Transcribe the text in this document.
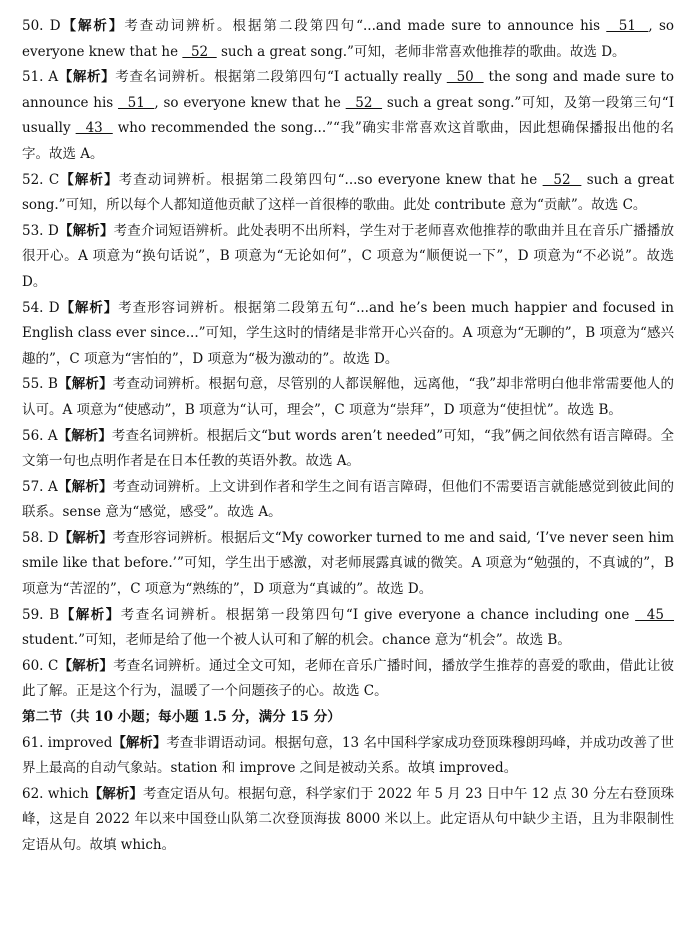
50. D【解析】考查动词辨析。根据第二段第四句“...and made sure to announce his   51  , so everyone knew that he   52   such a great song.”可知，老师非常喜欢他推荐的歌曲。故选 D。

51. A【解析】考查名词辨析。根据第二段第四句“I actually really   50   the song and made sure to announce his   51  , so everyone knew that he   52   such a great song.”可知，及第一段第三句“I usually   43   who recommended the song...”“我”确实非常喜欢这首歌曲，因此想确保播报出他的名字。故选 A。

52. C【解析】考查动词辨析。根据第二段第四句“...so everyone knew that he   52   such a great song.”可知，所以每个人都知道他贡献了这样一首很棒的歌曲。此处 contribute 意为“贡献”。故选 C。

53. D【解析】考查介词短语辨析。此处表明不出所料，学生对于老师喜欢他推荐的歌曲并且在音乐广播播放很开心。A 项意为“换句话说”，B 项意为“无论如何”，C 项意为“顺便说一下”，D 项意为“不必说”。故选 D。

54. D【解析】考查形容词辨析。根据第二段第五句“...and he’s been much happier and focused in English class ever since...”可知，学生这时的情绪是非常开心兴奋的。A 项意为“无聊的”，B 项意为“感兴趣的”，C 项意为“害怕的”，D 项意为“极为激动的”。故选 D。

55. B【解析】考查动词辨析。根据句意，尽管别的人都误解他，远离他，“我”却非常明白他非常需要他人的认可。A 项意为“使感动”，B 项意为“认可，理会”，C 项意为“崇拜”，D 项意为“使担忧”。故选 B。

56. A【解析】考查名词辨析。根据后文“but words aren’t needed”可知，“我”俩之间依然有语言障碍。全文第一句也点明作者是在日本任教的英语外教。故选 A。

57. A【解析】考查动词辨析。上文讲到作者和学生之间有语言障碍，但他们不需要语言就能感觉到彼此间的联系。sense 意为“感觉，感受”。故选 A。

58. D【解析】考查形容词辨析。根据后文“My coworker turned to me and said, ‘I’ve never seen him smile like that before.’”可知，学生出于感激，对老师展露真诚的微笑。A 项意为“勉强的，不真诚的”，B 项意为“苦涩的”，C 项意为“熟练的”，D 项意为“真诚的”。故选 D。

59. B【解析】考查名词辨析。根据第一段第四句“I give everyone a chance including one   45   student.”可知，老师是给了他一个被人认可和了解的机会。chance 意为“机会”。故选 B。

60. C【解析】考查名词辨析。通过全文可知，老师在音乐广播时间，播放学生推荐的喜爱的歌曲，借此让彼此了解。正是这个行为，温暖了一个问题孩子的心。故选 C。

第二节（共 10 小题；每小题 1.5 分，满分 15 分）

61. improved【解析】考查非谓语动词。根据句意，13 名中国科学家成功登顶珠穆朗玛峰，并成功改善了世界上最高的自动气象站。station 和 improve 之间是被动关系。故填 improved。

62. which【解析】考查定语从句。根据句意，科学家们于 2022 年 5 月 23 日中午 12 点 30 分左右登顶珠峰，这是自 2022 年以来中国登山队第二次登顶海拔 8000 米以上。此定语从句中缺少主语，且为非限制性定语从句。故填 which。
